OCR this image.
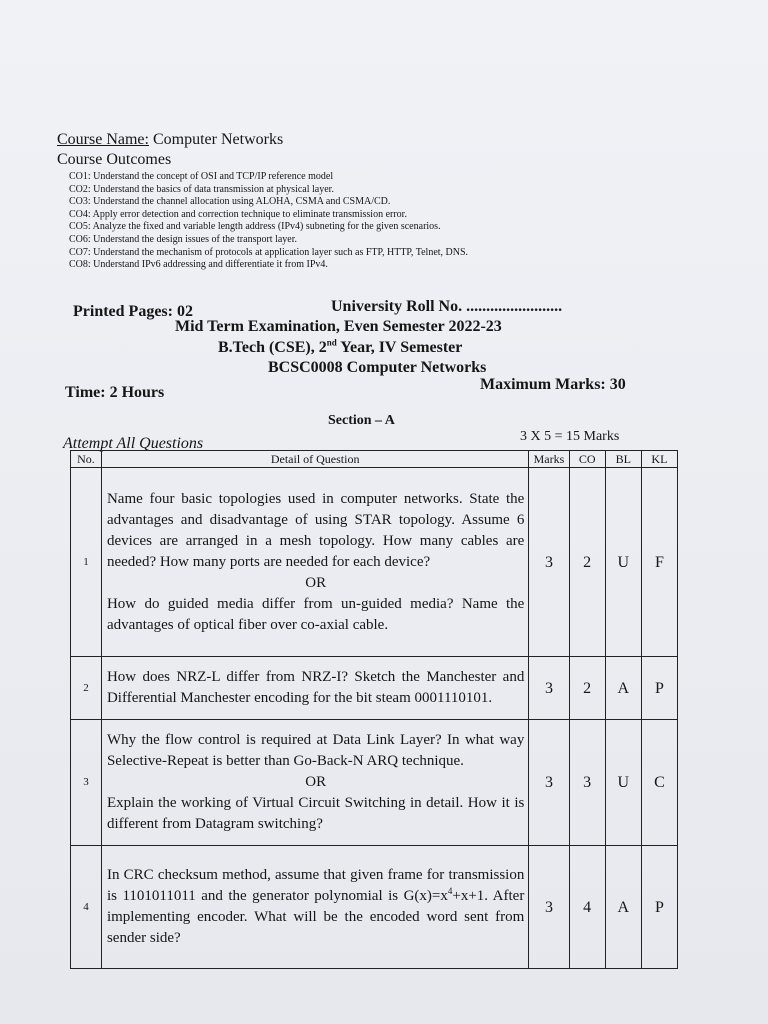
Course Name: Computer Networks
Course Outcomes
CO1: Understand the concept of OSI and TCP/IP reference model
CO2: Understand the basics of data transmission at physical layer.
CO3: Understand the channel allocation using ALOHA, CSMA and CSMA/CD.
CO4: Apply error detection and correction technique to eliminate transmission error.
CO5: Analyze the fixed and variable length address (IPv4) subneting for the given scenarios.
CO6: Understand the design issues of the transport layer.
CO7: Understand the mechanism of protocols at application layer such as FTP, HTTP, Telnet, DNS.
CO8: Understand IPv6 addressing and differentiate it from IPv4.
Printed Pages: 02	University Roll No. ........................
Mid Term Examination, Even Semester 2022-23
B.Tech (CSE), 2nd Year, IV Semester
BCSC0008 Computer Networks
Time: 2 Hours	Maximum Marks: 30
Section – A
3 X 5 = 15 Marks
Attempt All Questions
No.	Detail of Question	Marks	CO	BL	KL
1	Name four basic topologies used in computer networks. State the advantages and disadvantage of using STAR topology. Assume 6 devices are arranged in a mesh topology. How many cables are needed? How many ports are needed for each device?
OR
How do guided media differ from un-guided media? Name the advantages of optical fiber over co-axial cable.	3	2	U	F
2	How does NRZ-L differ from NRZ-I? Sketch the Manchester and Differential Manchester encoding for the bit steam 0001110101.	3	2	A	P
3	Why the flow control is required at Data Link Layer? In what way Selective-Repeat is better than Go-Back-N ARQ technique.
OR
Explain the working of Virtual Circuit Switching in detail. How it is different from Datagram switching?	3	3	U	C
4	In CRC checksum method, assume that given frame for transmission is 1101011011 and the generator polynomial is $G(x)=x^4+x+1$. After implementing encoder. What will be the encoded word sent from sender side?	3	4	A	P
